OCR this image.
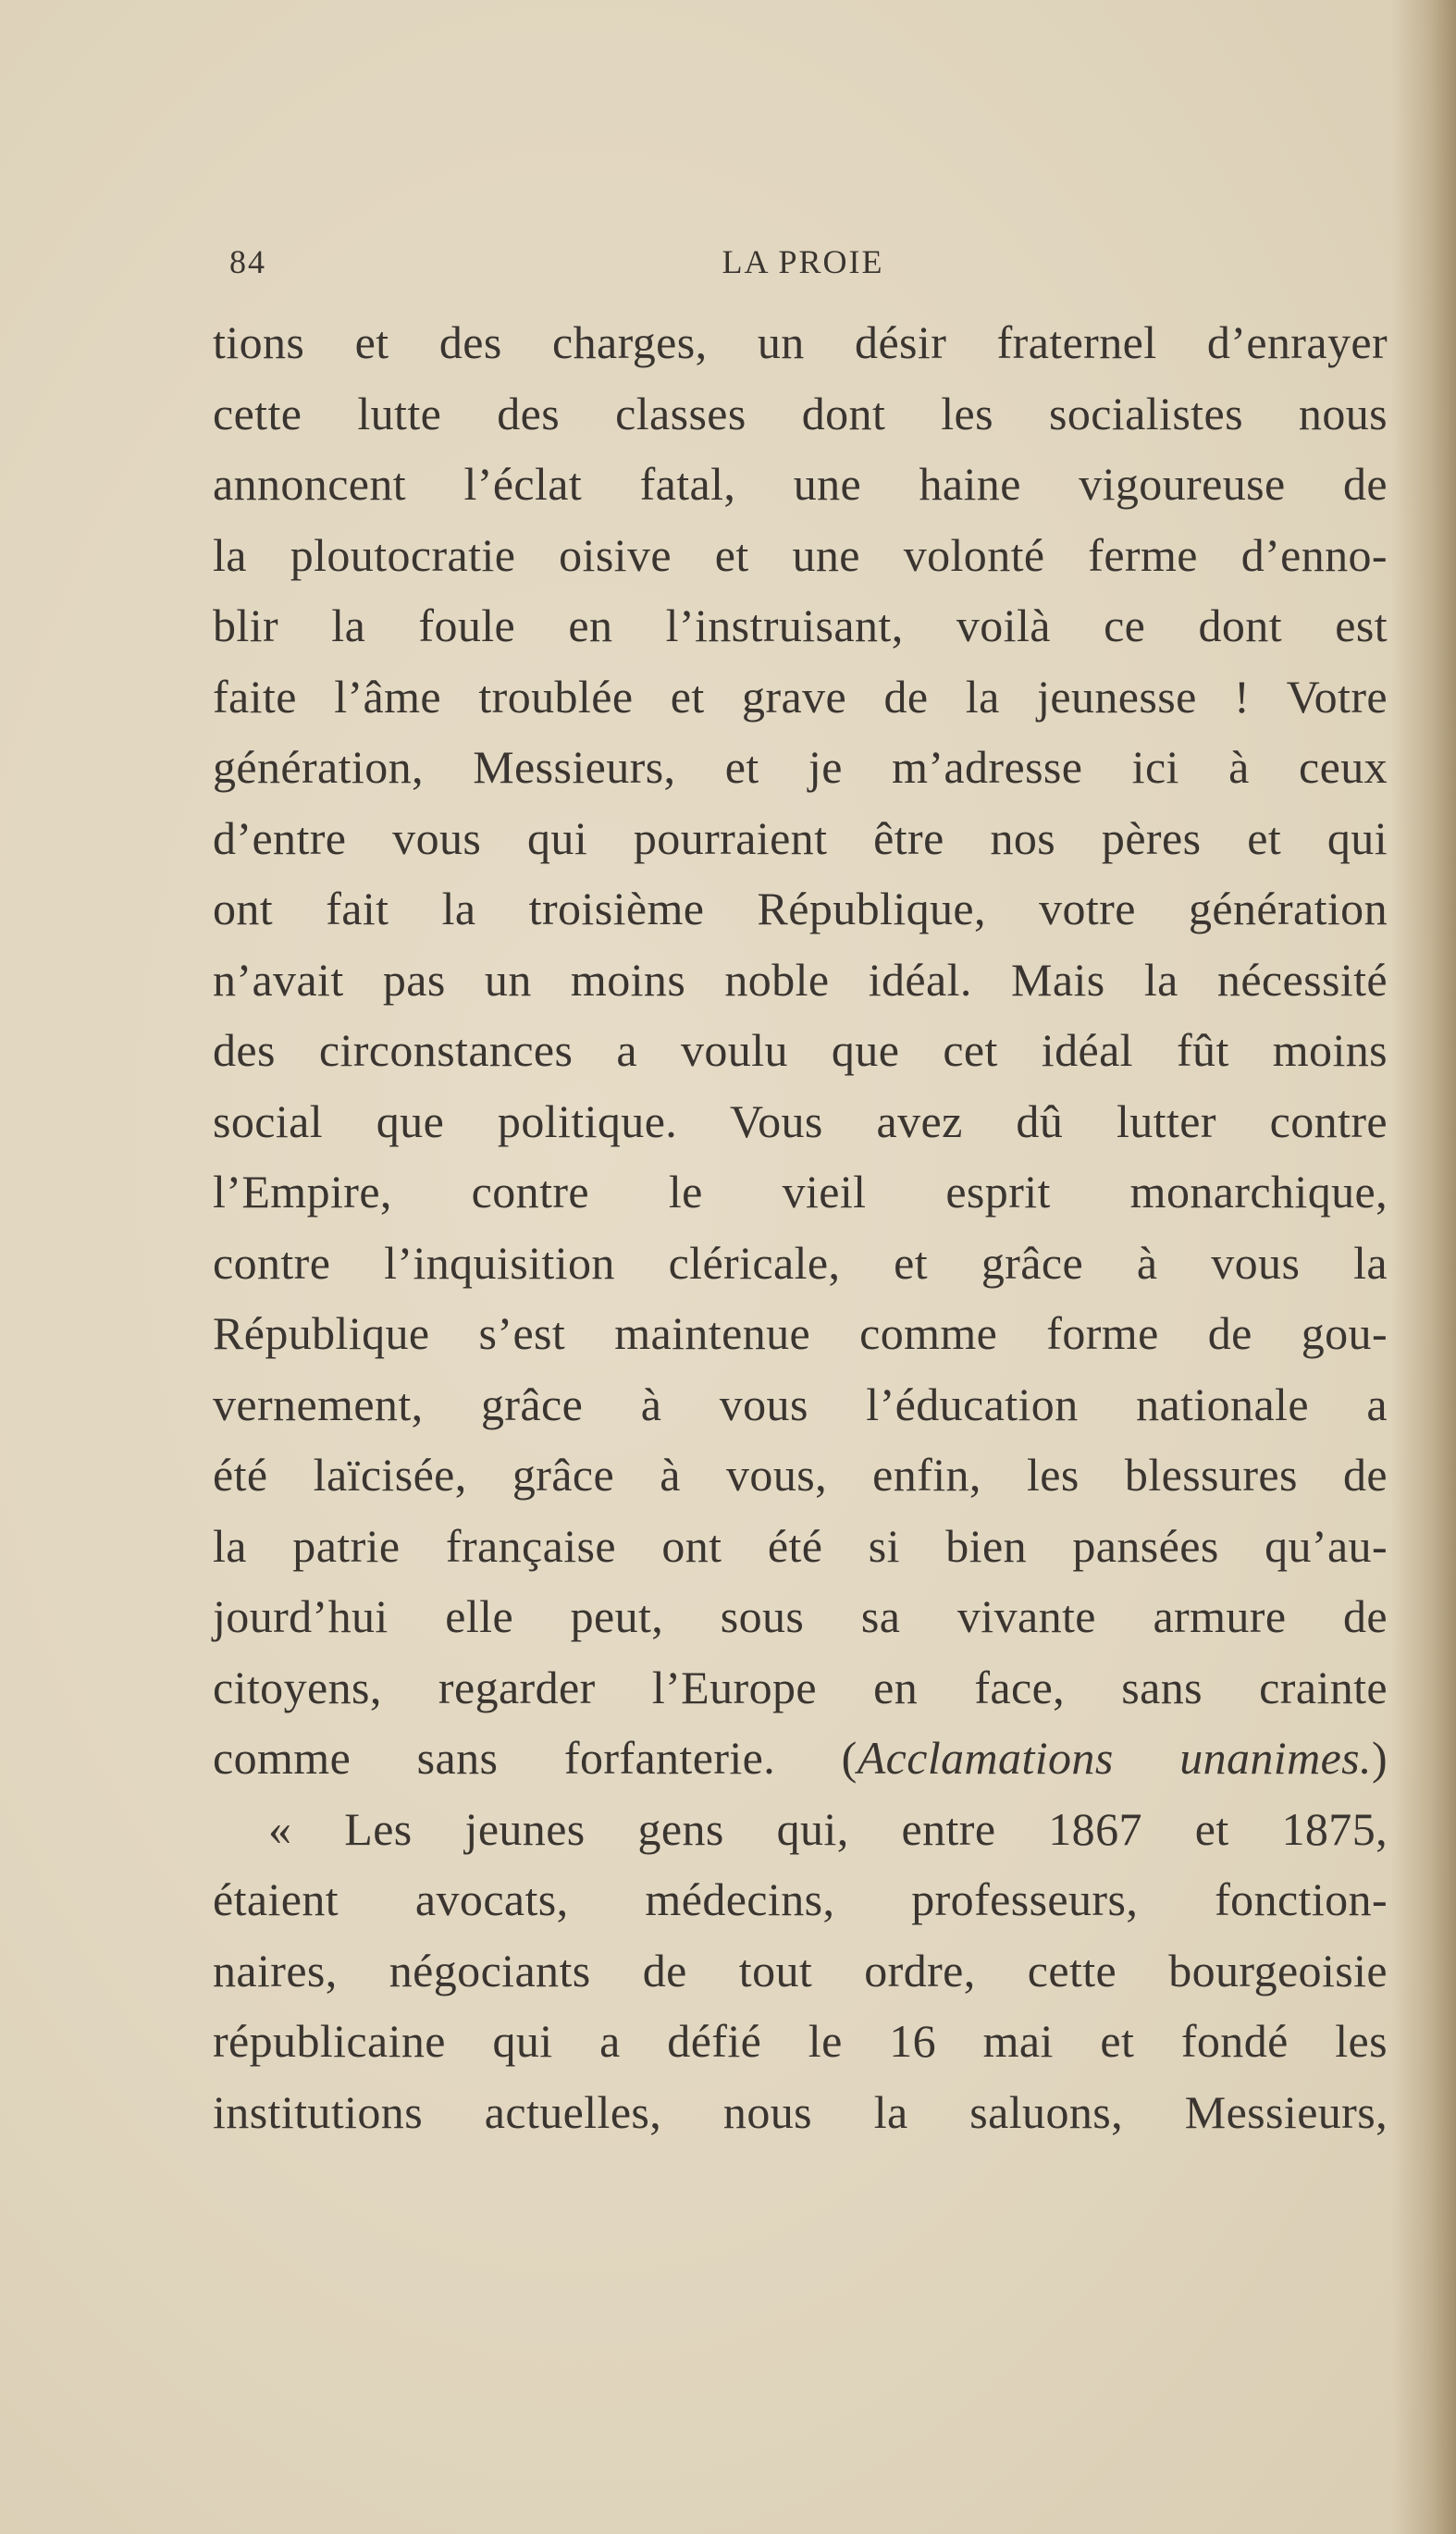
84	LA PROIE
tions et des charges, un désir fraternel d’enrayer
cette lutte des classes dont les socialistes nous
annoncent l’éclat fatal, une haine vigoureuse de
la ploutocratie oisive et une volonté ferme d’enno-
blir la foule en l’instruisant, voilà ce dont est
faite l’âme troublée et grave de la jeunesse ! Votre
génération, Messieurs, et je m’adresse ici à ceux
d’entre vous qui pourraient être nos pères et qui
ont fait la troisième République, votre génération
n’avait pas un moins noble idéal. Mais la nécessité
des circonstances a voulu que cet idéal fût moins
social que politique. Vous avez dû lutter contre
l’Empire, contre le vieil esprit monarchique,
contre l’inquisition cléricale, et grâce à vous la
République s’est maintenue comme forme de gou-
vernement, grâce à vous l’éducation nationale a
été laïcisée, grâce à vous, enfin, les blessures de
la patrie française ont été si bien pansées qu’au-
jourd’hui elle peut, sous sa vivante armure de
citoyens, regarder l’Europe en face, sans crainte
comme sans forfanterie. (Acclamations unanimes.)
« Les jeunes gens qui, entre 1867 et 1875,
étaient avocats, médecins, professeurs, fonction-
naires, négociants de tout ordre, cette bourgeoisie
républicaine qui a défié le 16 mai et fondé les
institutions actuelles, nous la saluons, Messieurs,
